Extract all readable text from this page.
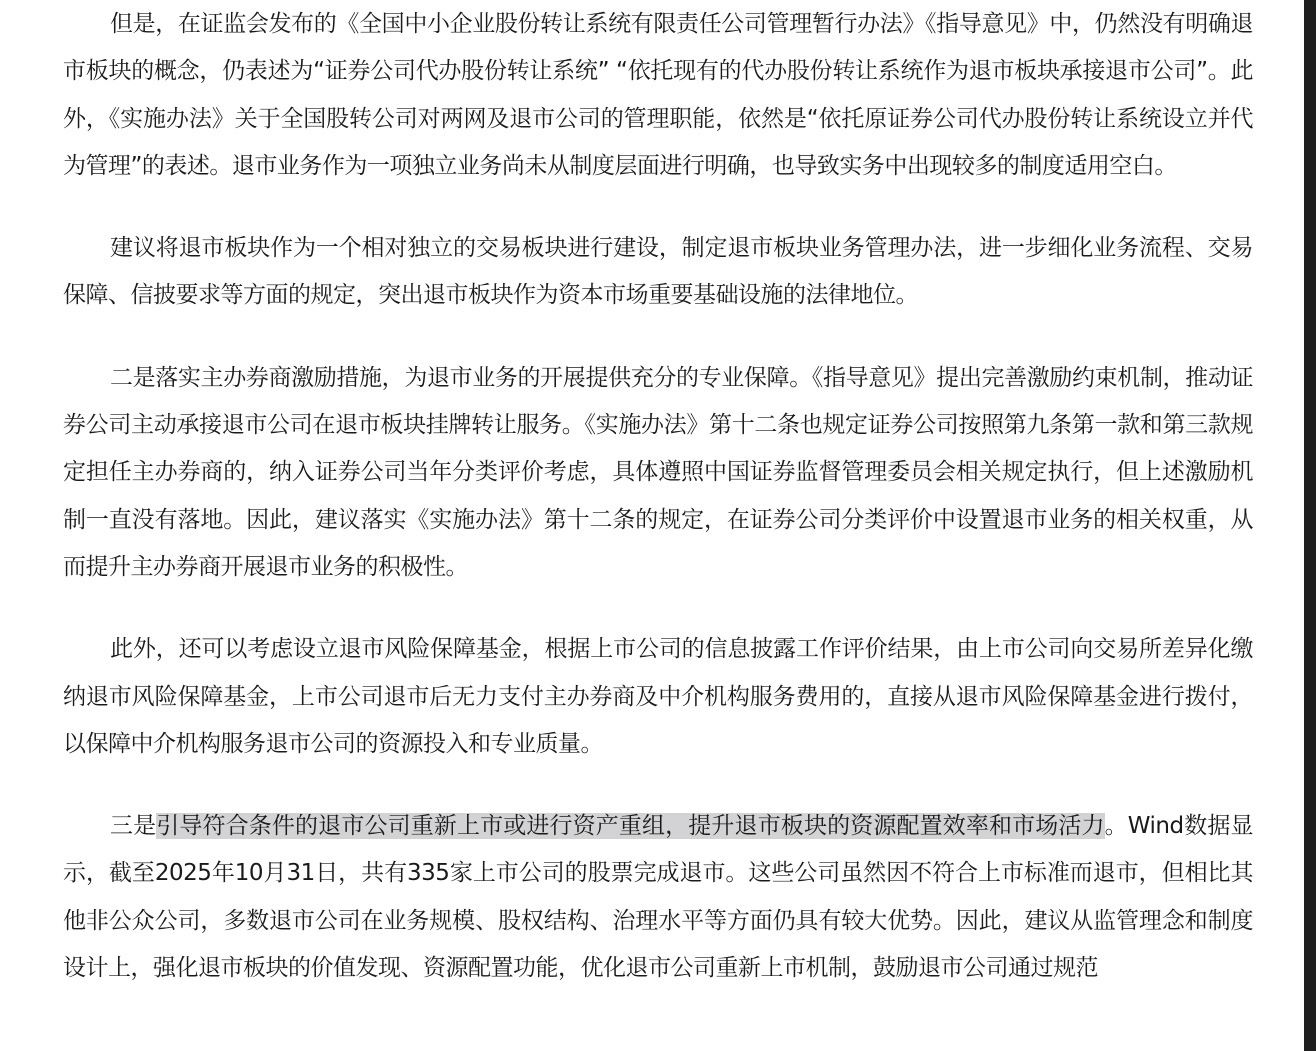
但是，在证监会发布的《全国中小企业股份转让系统有限责任公司管理暂行办法》《指导意见》中，仍然没有明确退市板块的概念，仍表述为“证券公司代办股份转让系统” “依托现有的代办股份转让系统作为退市板块承接退市公司”。此外，《实施办法》关于全国股转公司对两网及退市公司的管理职能，依然是“依托原证券公司代办股份转让系统设立并代为管理”的表述。退市业务作为一项独立业务尚未从制度层面进行明确，也导致实务中出现较多的制度适用空白。

建议将退市板块作为一个相对独立的交易板块进行建设，制定退市板块业务管理办法，进一步细化业务流程、交易保障、信披要求等方面的规定，突出退市板块作为资本市场重要基础设施的法律地位。

二是落实主办券商激励措施，为退市业务的开展提供充分的专业保障。《指导意见》提出完善激励约束机制，推动证券公司主动承接退市公司在退市板块挂牌转让服务。《实施办法》第十二条也规定证券公司按照第九条第一款和第三款规定担任主办券商的，纳入证券公司当年分类评价考虑，具体遵照中国证券监督管理委员会相关规定执行，但上述激励机制一直没有落地。因此，建议落实《实施办法》第十二条的规定，在证券公司分类评价中设置退市业务的相关权重，从而提升主办券商开展退市业务的积极性。

此外，还可以考虑设立退市风险保障基金，根据上市公司的信息披露工作评价结果，由上市公司向交易所差异化缴纳退市风险保障基金，上市公司退市后无力支付主办券商及中介机构服务费用的，直接从退市风险保障基金进行拨付，以保障中介机构服务退市公司的资源投入和专业质量。

三是引导符合条件的退市公司重新上市或进行资产重组，提升退市板块的资源配置效率和市场活力。Wind数据显示，截至2025年10月31日，共有335家上市公司的股票完成退市。这些公司虽然因不符合上市标准而退市，但相比其他非公众公司，多数退市公司在业务规模、股权结构、治理水平等方面仍具有较大优势。因此，建议从监管理念和制度设计上，强化退市板块的价值发现、资源配置功能，优化退市公司重新上市机制，鼓励退市公司通过规范
